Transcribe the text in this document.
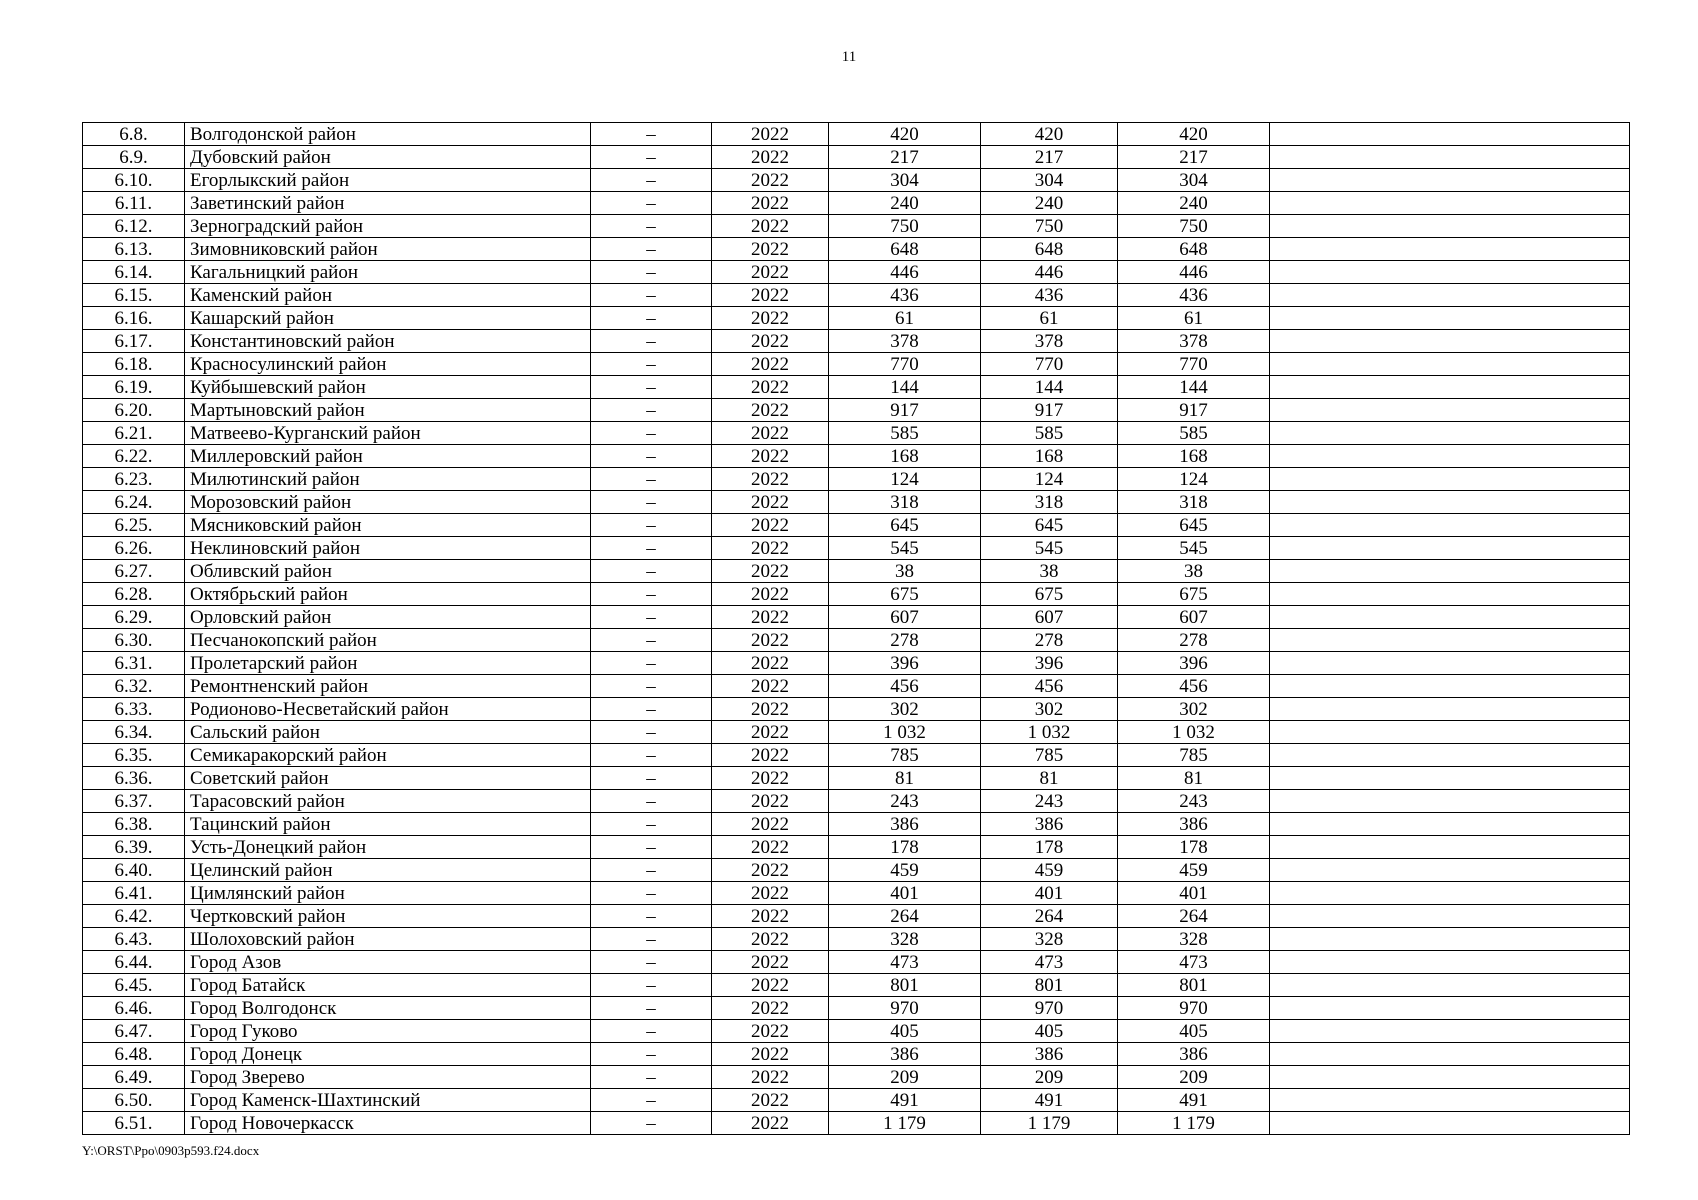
11
6.8.	Волгодонской район	–	2022	420	420	420	
6.9.	Дубовский район	–	2022	217	217	217	
6.10.	Егорлыкский район	–	2022	304	304	304	
6.11.	Заветинский район	–	2022	240	240	240	
6.12.	Зерноградский район	–	2022	750	750	750	
6.13.	Зимовниковский район	–	2022	648	648	648	
6.14.	Кагальницкий район	–	2022	446	446	446	
6.15.	Каменский район	–	2022	436	436	436	
6.16.	Кашарский район	–	2022	61	61	61	
6.17.	Константиновский район	–	2022	378	378	378	
6.18.	Красносулинский район	–	2022	770	770	770	
6.19.	Куйбышевский район	–	2022	144	144	144	
6.20.	Мартыновский район	–	2022	917	917	917	
6.21.	Матвеево-Курганский район	–	2022	585	585	585	
6.22.	Миллеровский район	–	2022	168	168	168	
6.23.	Милютинский район	–	2022	124	124	124	
6.24.	Морозовский район	–	2022	318	318	318	
6.25.	Мясниковский район	–	2022	645	645	645	
6.26.	Неклиновский район	–	2022	545	545	545	
6.27.	Обливский район	–	2022	38	38	38	
6.28.	Октябрьский район	–	2022	675	675	675	
6.29.	Орловский район	–	2022	607	607	607	
6.30.	Песчанокопский район	–	2022	278	278	278	
6.31.	Пролетарский район	–	2022	396	396	396	
6.32.	Ремонтненский район	–	2022	456	456	456	
6.33.	Родионово-Несветайский район	–	2022	302	302	302	
6.34.	Сальский район	–	2022	1 032	1 032	1 032	
6.35.	Семикаракорский район	–	2022	785	785	785	
6.36.	Советский район	–	2022	81	81	81	
6.37.	Тарасовский район	–	2022	243	243	243	
6.38.	Тацинский район	–	2022	386	386	386	
6.39.	Усть-Донецкий район	–	2022	178	178	178	
6.40.	Целинский район	–	2022	459	459	459	
6.41.	Цимлянский район	–	2022	401	401	401	
6.42.	Чертковский район	–	2022	264	264	264	
6.43.	Шолоховский район	–	2022	328	328	328	
6.44.	Город Азов	–	2022	473	473	473	
6.45.	Город Батайск	–	2022	801	801	801	
6.46.	Город Волгодонск	–	2022	970	970	970	
6.47.	Город Гуково	–	2022	405	405	405	
6.48.	Город Донецк	–	2022	386	386	386	
6.49.	Город Зверево	–	2022	209	209	209	
6.50.	Город Каменск-Шахтинский	–	2022	491	491	491	
6.51.	Город Новочеркасск	–	2022	1 179	1 179	1 179	
Y:\ORST\Ppo\0903p593.f24.docx
